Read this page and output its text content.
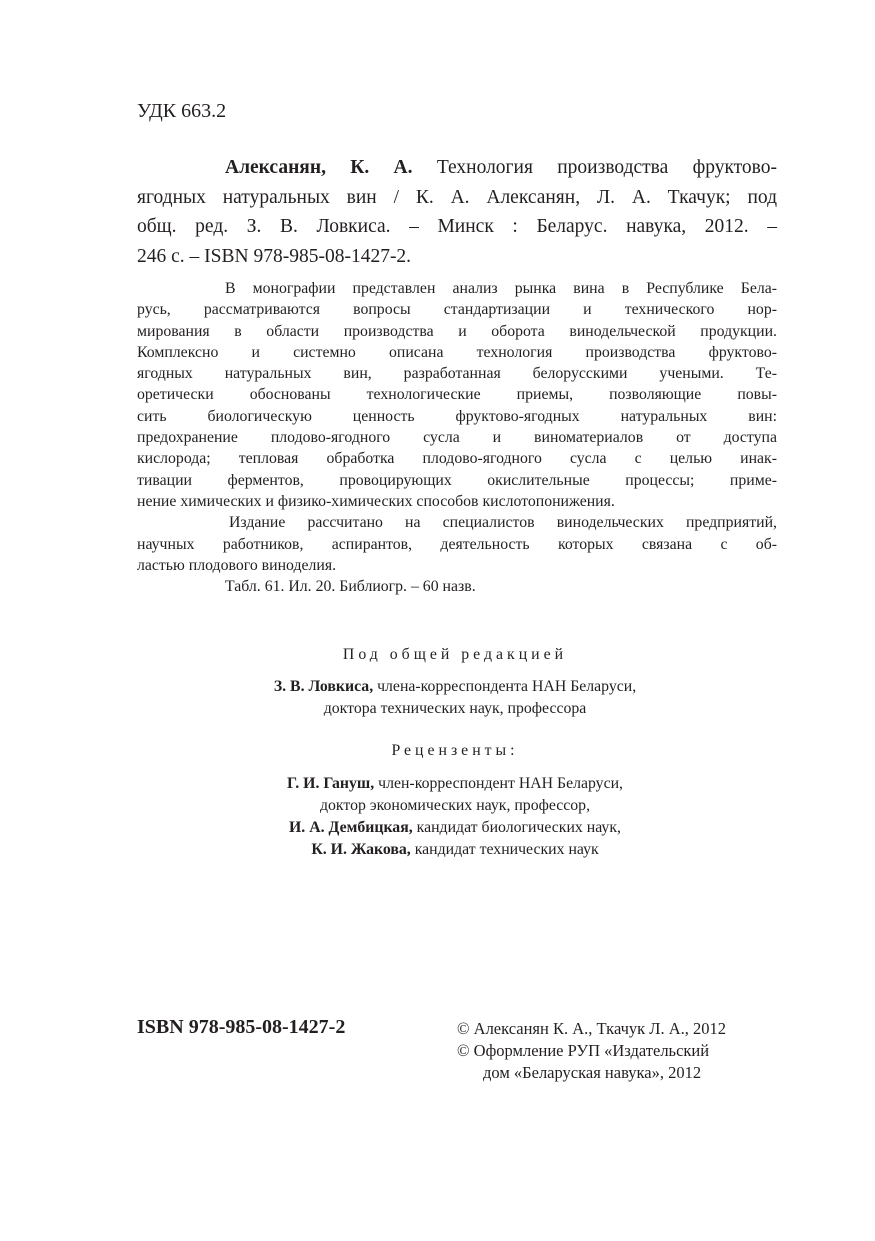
УДК 663.2
Алексанян, К. А. Технология производства фруктово-
ягодных натуральных вин / К. А. Алексанян, Л. А. Ткачук; под
общ. ред. З. В. Ловкиса. – Минск : Беларус. навука, 2012. –
246 с. – ISBN 978-985-08-1427-2.
В монографии представлен анализ рынка вина в Республике Бела-
русь, рассматриваются вопросы стандартизации и технического нор-
мирования в области производства и оборота винодельческой продукции.
Комплексно и системно описана технология производства фруктово-
ягодных натуральных вин, разработанная белорусскими учеными. Те-
оретически обоснованы технологические приемы, позволяющие повы-
сить биологическую ценность фруктово-ягодных натуральных вин:
предохранение плодово-ягодного сусла и виноматериалов от доступа
кислорода; тепловая обработка плодово-ягодного сусла с целью инак-
тивации ферментов, провоцирующих окислительные процессы; приме-
нение химических и физико-химических способов кислотопонижения.
Издание рассчитано на специалистов винодельческих предприятий,
научных работников, аспирантов, деятельность которых связана с об-
ластью плодового виноделия.
Табл. 61. Ил. 20. Библиогр. – 60 назв.
Под общей редакцией
З. В. Ловкиса, члена-корреспондента НАН Беларуси,
доктора технических наук, профессора
Рецензенты:
Г. И. Гануш, член-корреспондент НАН Беларуси,
доктор экономических наук, профессор,
И. А. Дембицкая, кандидат биологических наук,
К. И. Жакова, кандидат технических наук
ISBN 978-985-08-1427-2	© Алексанян К. А., Ткачук Л. А., 2012
© Оформление РУП «Издательский
дом «Беларуская навука», 2012
